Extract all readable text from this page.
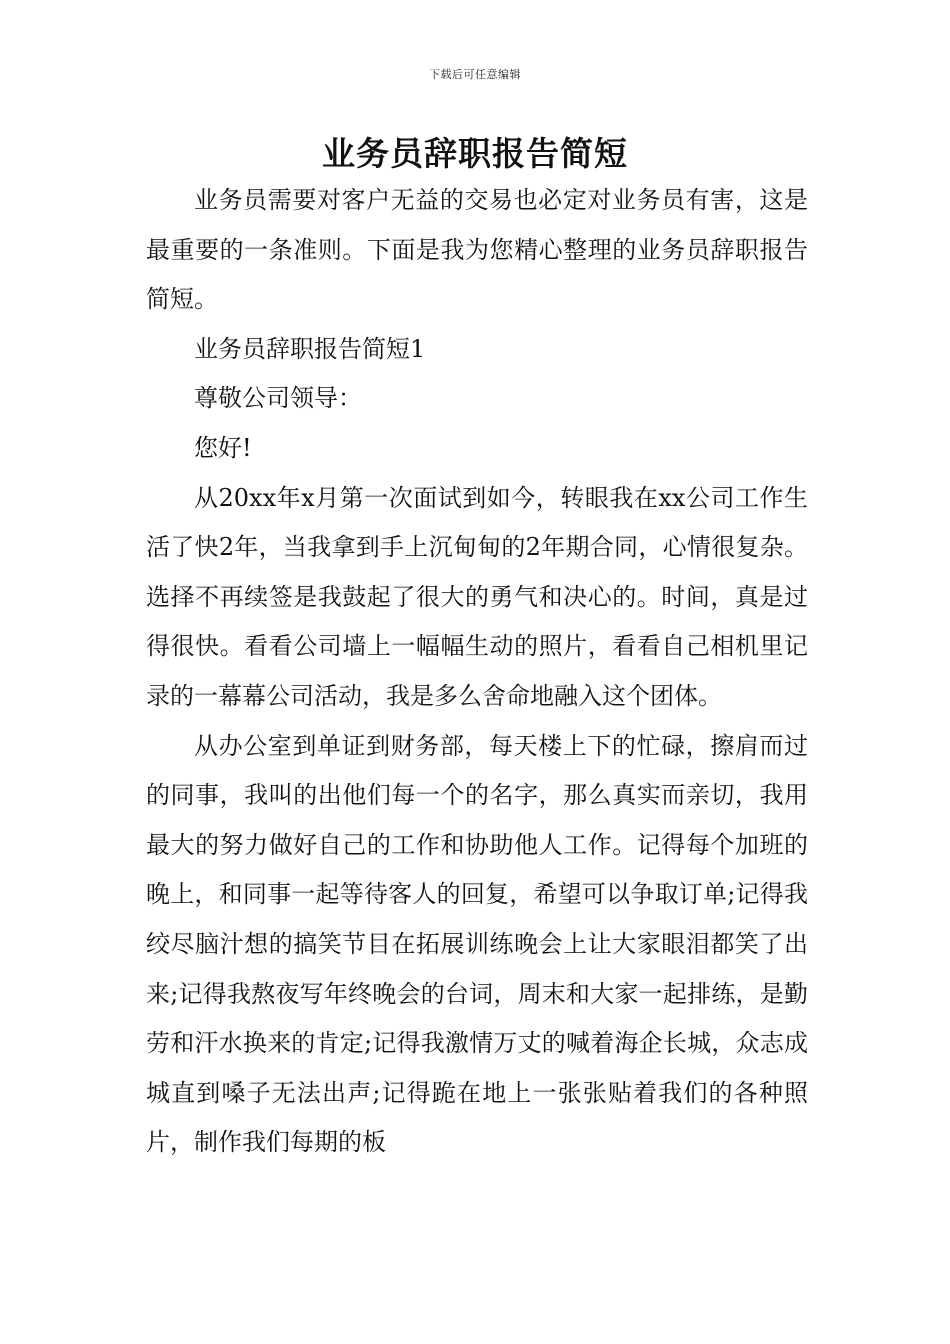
下载后可任意编辑
业务员辞职报告简短

业务员需要对客户无益的交易也必定对业务员有害，这是最重要的一条准则。下面是我为您精心整理的业务员辞职报告简短。

业务员辞职报告简短1

尊敬公司领导：

您好!

从20xx年x月第一次面试到如今，转眼我在xx公司工作生活了快2年，当我拿到手上沉甸甸的2年期合同，心情很复杂。选择不再续签是我鼓起了很大的勇气和决心的。时间，真是过得很快。看看公司墙上一幅幅生动的照片，看看自己相机里记录的一幕幕公司活动，我是多么舍命地融入这个团体。

从办公室到单证到财务部，每天楼上下的忙碌，擦肩而过的同事，我叫的出他们每一个的名字，那么真实而亲切，我用最大的努力做好自己的工作和协助他人工作。记得每个加班的晚上，和同事一起等待客人的回复，希望可以争取订单;记得我绞尽脑汁想的搞笑节目在拓展训练晚会上让大家眼泪都笑了出来;记得我熬夜写年终晚会的台词，周末和大家一起排练，是勤劳和汗水换来的肯定;记得我激情万丈的喊着海企长城，众志成城直到嗓子无法出声;记得跪在地上一张张贴着我们的各种照片，制作我们每期的板
